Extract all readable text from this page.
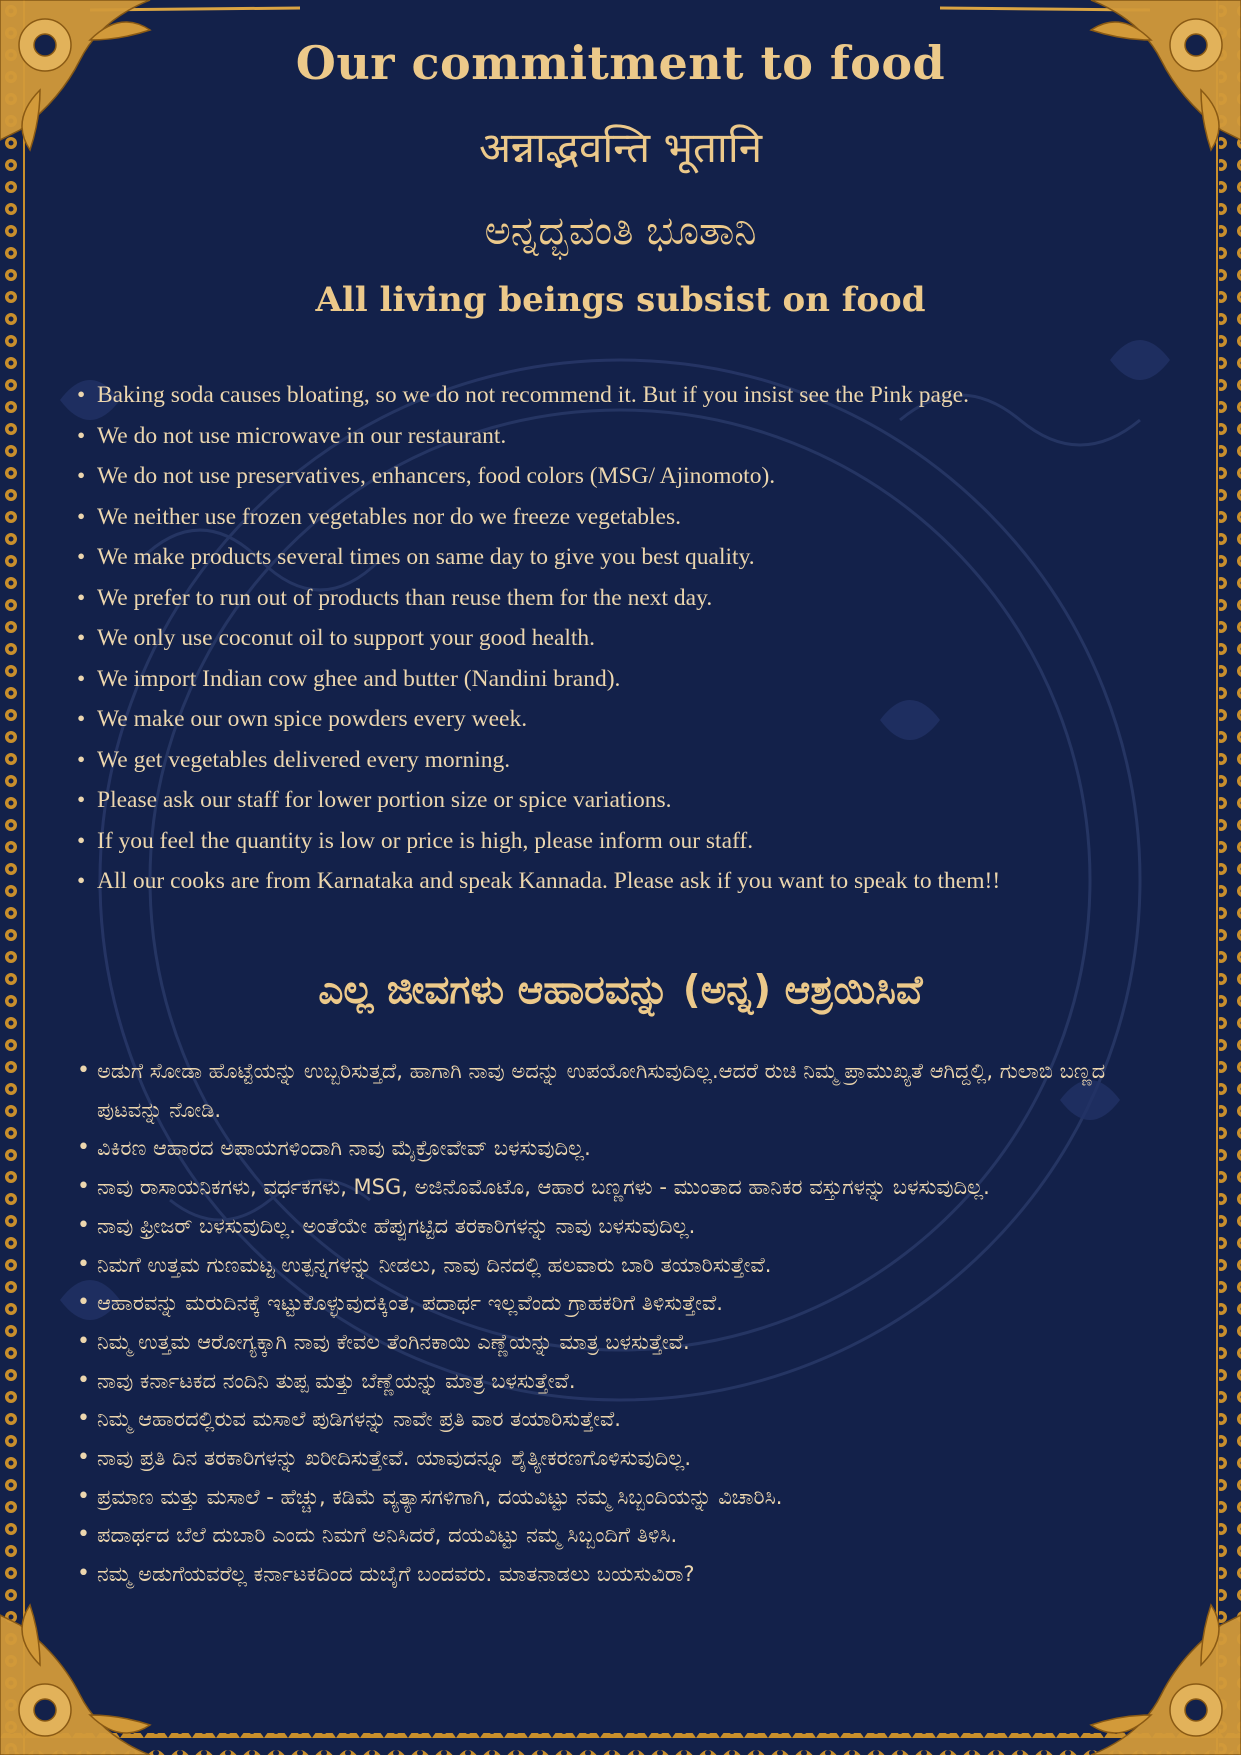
Our commitment to food
अन्नाद्भवन्ति भूतानि
ಅನ್ನದ್ಭವಂತಿ ಭೂತಾನಿ
All living beings subsist on food
• Baking soda causes bloating, so we do not recommend it. But if you insist see the Pink page.
• We do not use microwave in our restaurant.
• We do not use preservatives, enhancers, food colors (MSG/ Ajinomoto).
• We neither use frozen vegetables nor do we freeze vegetables.
• We make products several times on same day to give you best quality.
• We prefer to run out of products than reuse them for the next day.
• We only use coconut oil to support your good health.
• We import Indian cow ghee and butter (Nandini brand).
• We make our own spice powders every week.
• We get vegetables delivered every morning.
• Please ask our staff for lower portion size or spice variations.
• If you feel the quantity is low or price is high, please inform our staff.
• All our cooks are from Karnataka and speak Kannada. Please ask if you want to speak to them!!
ಎಲ್ಲ ಜೀವಗಳು ಆಹಾರವನ್ನು (ಅನ್ನ) ಆಶ್ರಯಿಸಿವೆ
• ಅಡುಗೆ ಸೋಡಾ ಹೊಟ್ಟೆಯನ್ನು ಉಬ್ಬರಿಸುತ್ತದೆ, ಹಾಗಾಗಿ ನಾವು ಅದನ್ನು ಉಪಯೋಗಿಸುವುದಿಲ್ಲ.ಆದರೆ ರುಚಿ ನಿಮ್ಮ ಪ್ರಾಮುಖ್ಯತೆ ಆಗಿದ್ದಲ್ಲಿ, ಗುಲಾಬಿ ಬಣ್ಣದ ಪುಟವನ್ನು ನೋಡಿ.
• ವಿಕಿರಣ ಆಹಾರದ ಅಪಾಯಗಳಿಂದಾಗಿ ನಾವು ಮೈಕ್ರೋವೇವ್ ಬಳಸುವುದಿಲ್ಲ.
• ನಾವು ರಾಸಾಯನಿಕಗಳು, ವರ್ಧಕಗಳು, MSG, ಅಜಿನೊಮೊಟೊ, ಆಹಾರ ಬಣ್ಣಗಳು - ಮುಂತಾದ ಹಾನಿಕರ ವಸ್ತುಗಳನ್ನು ಬಳಸುವುದಿಲ್ಲ.
• ನಾವು ಫ್ರೀಜರ್ ಬಳಸುವುದಿಲ್ಲ. ಅಂತೆಯೇ ಹೆಪ್ಪುಗಟ್ಟಿದ ತರಕಾರಿಗಳನ್ನು ನಾವು ಬಳಸುವುದಿಲ್ಲ.
• ನಿಮಗೆ ಉತ್ತಮ ಗುಣಮಟ್ಟ ಉತ್ಪನ್ನಗಳನ್ನು ನೀಡಲು, ನಾವು ದಿನದಲ್ಲಿ ಹಲವಾರು ಬಾರಿ ತಯಾರಿಸುತ್ತೇವೆ.
• ಆಹಾರವನ್ನು ಮರುದಿನಕ್ಕೆ ಇಟ್ಟುಕೊಳ್ಳುವುದಕ್ಕಿಂತ, ಪದಾರ್ಥ ಇಲ್ಲವೆಂದು ಗ್ರಾಹಕರಿಗೆ ತಿಳಿಸುತ್ತೇವೆ.
• ನಿಮ್ಮ ಉತ್ತಮ ಆರೋಗ್ಯಕ್ಕಾಗಿ ನಾವು ಕೇವಲ ತೆಂಗಿನಕಾಯಿ ಎಣ್ಣೆಯನ್ನು ಮಾತ್ರ ಬಳಸುತ್ತೇವೆ.
• ನಾವು ಕರ್ನಾಟಕದ ನಂದಿನಿ ತುಪ್ಪ ಮತ್ತು ಬೆಣ್ಣೆಯನ್ನು ಮಾತ್ರ ಬಳಸುತ್ತೇವೆ.
• ನಿಮ್ಮ ಆಹಾರದಲ್ಲಿರುವ ಮಸಾಲೆ ಪುಡಿಗಳನ್ನು ನಾವೇ ಪ್ರತಿ ವಾರ ತಯಾರಿಸುತ್ತೇವೆ.
• ನಾವು ಪ್ರತಿ ದಿನ ತರಕಾರಿಗಳನ್ನು ಖರೀದಿಸುತ್ತೇವೆ. ಯಾವುದನ್ನೂ ಶೈತ್ಯೀಕರಣಗೊಳಿಸುವುದಿಲ್ಲ.
• ಪ್ರಮಾಣ ಮತ್ತು ಮಸಾಲೆ - ಹೆಚ್ಚು, ಕಡಿಮೆ ವ್ಯತ್ಯಾಸಗಳಿಗಾಗಿ, ದಯವಿಟ್ಟು ನಮ್ಮ ಸಿಬ್ಬಂದಿಯನ್ನು ವಿಚಾರಿಸಿ.
• ಪದಾರ್ಥದ ಬೆಲೆ ದುಬಾರಿ ಎಂದು ನಿಮಗೆ ಅನಿಸಿದರೆ, ದಯವಿಟ್ಟು ನಮ್ಮ ಸಿಬ್ಬಂದಿಗೆ ತಿಳಿಸಿ.
• ನಮ್ಮ ಅಡುಗೆಯವರೆಲ್ಲ ಕರ್ನಾಟಕದಿಂದ ದುಬೈಗೆ ಬಂದವರು. ಮಾತನಾಡಲು ಬಯಸುವಿರಾ?
